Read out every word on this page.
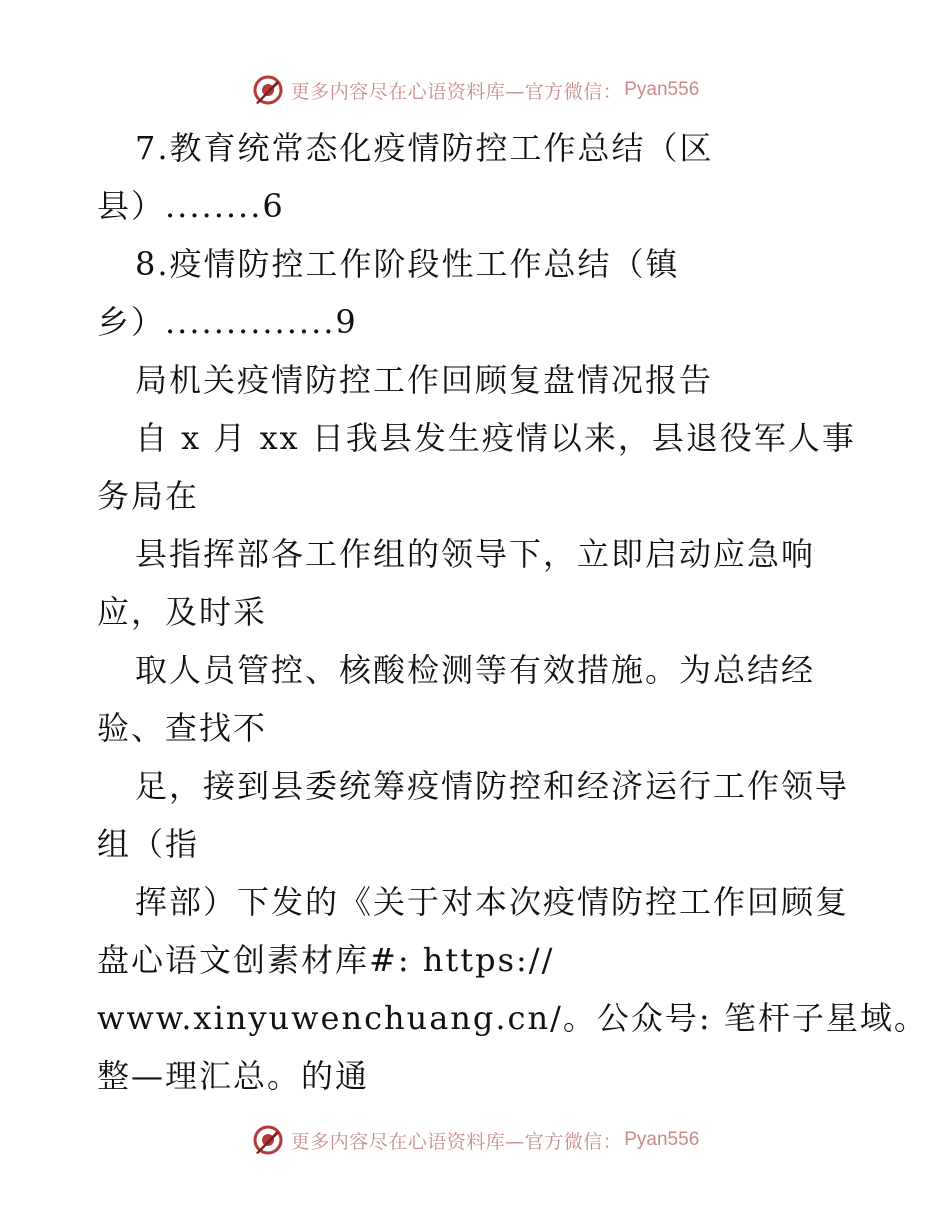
更多内容尽在心语资料库—官方微信： Pyan556
7.教育统常态化疫情防控工作总结（区
县）........6
8.疫情防控工作阶段性工作总结（镇
乡）..............9
局机关疫情防控工作回顾复盘情况报告
自 x 月 xx 日我县发生疫情以来，县退役军人事
务局在
县指挥部各工作组的领导下，立即启动应急响
应，及时采
取人员管控、核酸检测等有效措施。为总结经
验、查找不
足，接到县委统筹疫情防控和经济运行工作领导
组（指
挥部）下发的《关于对本次疫情防控工作回顾复
盘心语文创素材库#: https://
www.xinyuwenchuang.cn/。公众号: 笔杆子星域。
整—理汇总。的通
更多内容尽在心语资料库—官方微信： Pyan556
